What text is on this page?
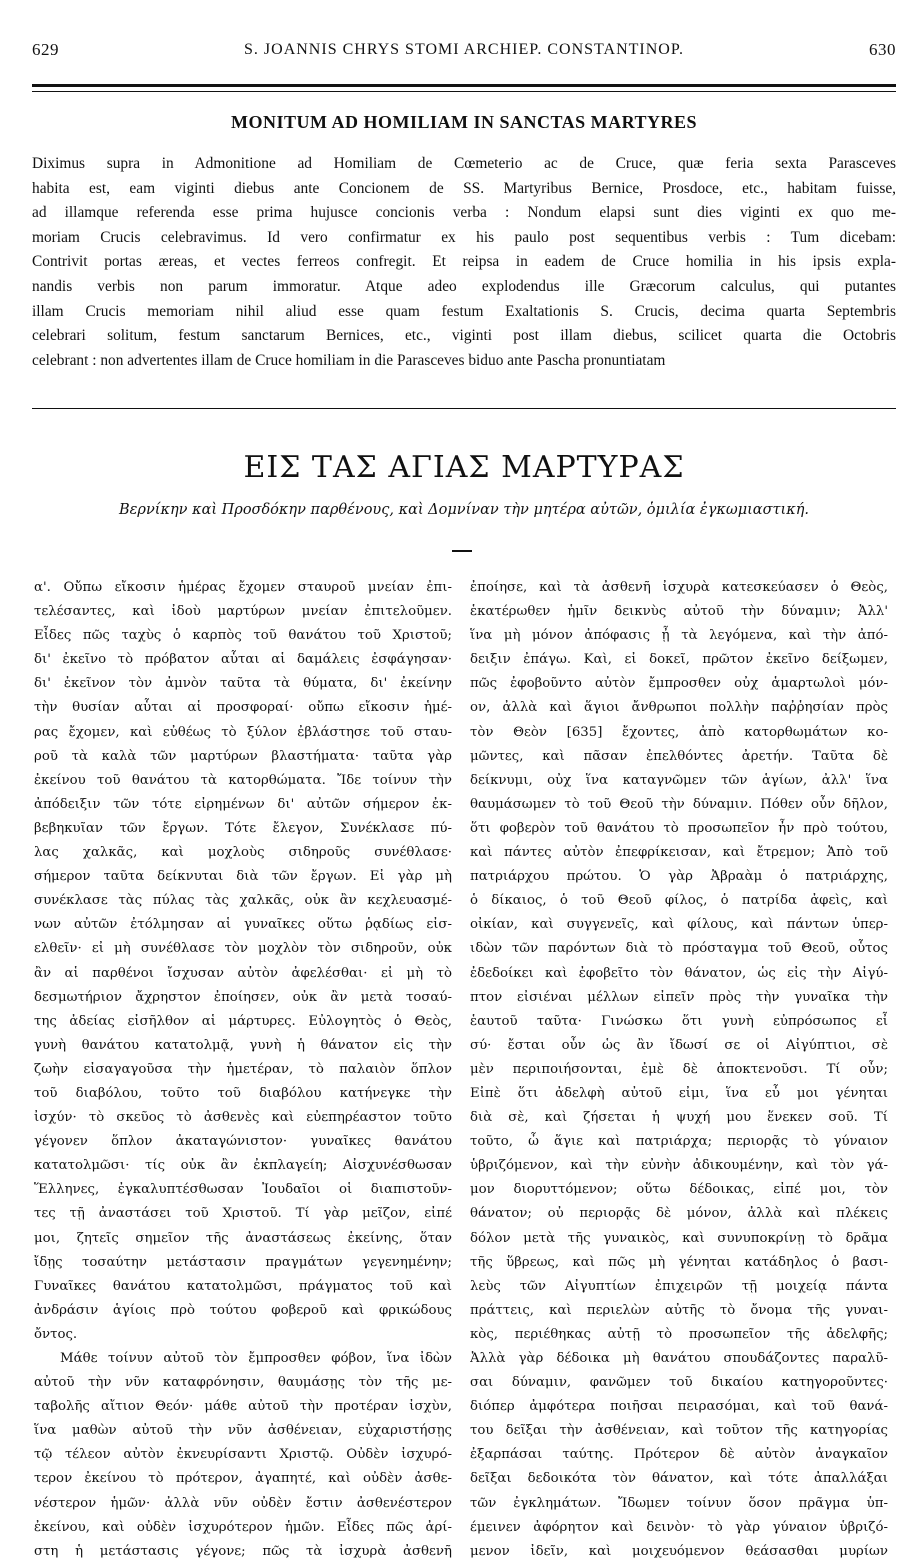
629	S. JOANNIS CHRYS STOMI ARCHIEP. CONSTANTINOP.	630
MONITUM AD HOMILIAM IN SANCTAS MARTYRES
Diximus supra in Admonitione ad Homiliam de Cœmeterio ac de Cruce, quæ feria sexta Parasceves
habita est, eam viginti diebus ante Concionem de SS. Martyribus Bernice, Prosdoce, etc., habitam fuisse,
ad illamque referenda esse prima hujusce concionis verba : Nondum elapsi sunt dies viginti ex quo me-
moriam Crucis celebravimus. Id vero confirmatur ex his paulo post sequentibus verbis : Tum dicebam:
Contrivit portas æreas, et vectes ferreos confregit. Et reipsa in eadem de Cruce homilia in his ipsis expla-
nandis verbis non parum immoratur. Atque adeo explodendus ille Græcorum calculus, qui putantes
illam Crucis memoriam nihil aliud esse quam festum Exaltationis S. Crucis, decima quarta Septembris
celebrari solitum, festum sanctarum Bernices, etc., viginti post illam diebus, scilicet quarta die Octobris
celebrant : non advertentes illam de Cruce homiliam in die Parasceves biduo ante Pascha pronuntiatam
ΕΙΣ ΤΑΣ ΑΓΙΑΣ ΜΑΡΤΥΡΑΣ
Βερνίκην καὶ Προσδόκην παρθένους, καὶ Δομνίναν τὴν μητέρα αὐτῶν, ὁμιλία ἐγκωμιαστική.
α'. Οὔπω εἴκοσιν ἡμέρας ἔχομεν σταυροῦ μνείαν ἐπι-
τελέσαντες, καὶ ἰδοὺ μαρτύρων μνείαν ἐπιτελοῦμεν.
Εἶδες πῶς ταχὺς ὁ καρπὸς τοῦ θανάτου τοῦ Χριστοῦ;
δι' ἐκεῖνο τὸ πρόβατον αὗται αἱ δαμάλεις ἐσφάγησαν·
δι' ἐκεῖνον τὸν ἀμνὸν ταῦτα τὰ θύματα, δι' ἐκείνην
τὴν θυσίαν αὗται αἱ προσφοραί· οὔπω εἴκοσιν ἡμέ-
ρας ἔχομεν, καὶ εὐθέως τὸ ξύλον ἐβλάστησε τοῦ σταυ-
ροῦ τὰ καλὰ τῶν μαρτύρων βλαστήματα· ταῦτα γὰρ
ἐκείνου τοῦ θανάτου τὰ κατορθώματα. Ἴδε τοίνυν τὴν
ἀπόδειξιν τῶν τότε εἰρημένων δι' αὐτῶν σήμερον ἐκ-
βεβηκυῖαν τῶν ἔργων. Τότε ἔλεγον, Συνέκλασε πύ-
λας χαλκᾶς, καὶ μοχλοὺς σιδηροῦς συνέθλασε·
σήμερον ταῦτα δείκνυται διὰ τῶν ἔργων. Εἰ γὰρ μὴ
συνέκλασε τὰς πύλας τὰς χαλκᾶς, οὐκ ἂν κεχλευασμέ-
νων αὐτῶν ἐτόλμησαν αἱ γυναῖκες οὕτω ῥᾳδίως εἰσ-
ελθεῖν· εἰ μὴ συνέθλασε τὸν μοχλὸν τὸν σιδηροῦν, οὐκ
ἂν αἱ παρθένοι ἴσχυσαν αὐτὸν ἀφελέσθαι· εἰ μὴ τὸ
δεσμωτήριον ἄχρηστον ἐποίησεν, οὐκ ἂν μετὰ τοσαύ-
της ἀδείας εἰσῆλθον αἱ μάρτυρες. Εὐλογητὸς ὁ Θεὸς,
γυνὴ θανάτου κατατολμᾷ, γυνὴ ἡ θάνατον εἰς τὴν
ζωὴν εἰσαγαγοῦσα τὴν ἡμετέραν, τὸ παλαιὸν ὅπλον
τοῦ διαβόλου, τοῦτο τοῦ διαβόλου κατήνεγκε τὴν
ἰσχύν· τὸ σκεῦος τὸ ἀσθενὲς καὶ εὐεπηρέαστον τοῦτο
γέγονεν ὅπλον ἀκαταγώνιστον· γυναῖκες θανάτου
κατατολμῶσι· τίς οὐκ ἂν ἐκπλαγείη; Αἰσχυνέσθωσαν
Ἕλληνες, ἐγκαλυπτέσθωσαν Ἰουδαῖοι οἱ διαπιστοῦν-
τες τῇ ἀναστάσει τοῦ Χριστοῦ. Τί γὰρ μεῖζον, εἰπέ
μοι, ζητεῖς σημεῖον τῆς ἀναστάσεως ἐκείνης, ὅταν
ἴδῃς τοσαύτην μετάστασιν πραγμάτων γεγενημένην;
Γυναῖκες θανάτου κατατολμῶσι, πράγματος τοῦ καὶ
ἀνδράσιν ἁγίοις πρὸ τούτου φοβεροῦ καὶ φρικώδους
ὄντος.
Μάθε τοίνυν αὐτοῦ τὸν ἔμπροσθεν φόβον, ἵνα ἰδὼν
αὐτοῦ τὴν νῦν καταφρόνησιν, θαυμάσῃς τὸν τῆς με-
ταβολῆς αἴτιον Θεόν· μάθε αὐτοῦ τὴν προτέραν ἰσχὺν,
ἵνα μαθὼν αὐτοῦ τὴν νῦν ἀσθένειαν, εὐχαριστήσῃς
τῷ τέλεον αὐτὸν ἐκνευρίσαντι Χριστῷ. Οὐδὲν ἰσχυρό-
τερον ἐκείνου τὸ πρότερον, ἀγαπητέ, καὶ οὐδὲν ἀσθε-
νέστερον ἡμῶν· ἀλλὰ νῦν οὐδὲν ἔστιν ἀσθενέστερον
ἐκείνου, καὶ οὐδὲν ἰσχυρότερον ἡμῶν. Εἶδες πῶς ἀρί-
στη ἡ μετάστασις γέγονε; πῶς τὰ ἰσχυρὰ ἀσθενῆ
ἐποίησε, καὶ τὰ ἀσθενῆ ἰσχυρὰ κατεσκεύασεν ὁ Θεὸς,
ἑκατέρωθεν ἡμῖν δεικνὺς αὐτοῦ τὴν δύναμιν; Ἀλλ'
ἵνα μὴ μόνον ἀπόφασις ᾖ τὰ λεγόμενα, καὶ τὴν ἀπό-
δειξιν ἐπάγω. Καὶ, εἰ δοκεῖ, πρῶτον ἐκεῖνο δείξωμεν,
πῶς ἐφοβοῦντο αὐτὸν ἔμπροσθεν οὐχ ἁμαρτωλοὶ μόν-
ον, ἀλλὰ καὶ ἅγιοι ἄνθρωποι πολλὴν παῤῥησίαν πρὸς
τὸν Θεὸν [635] ἔχοντες, ἀπὸ κατορθωμάτων κο-
μῶντες, καὶ πᾶσαν ἐπελθόντες ἀρετήν. Ταῦτα δὲ
δείκνυμι, οὐχ ἵνα καταγνῶμεν τῶν ἁγίων, ἀλλ' ἵνα
θαυμάσωμεν τὸ τοῦ Θεοῦ τὴν δύναμιν. Πόθεν οὖν δῆλον,
ὅτι φοβερὸν τοῦ θανάτου τὸ προσωπεῖον ἦν πρὸ τούτου,
καὶ πάντες αὐτὸν ἐπεφρίκεισαν, καὶ ἔτρεμον; Ἀπὸ τοῦ
πατριάρχου πρώτου. Ὁ γὰρ Ἀβραὰμ ὁ πατριάρχης,
ὁ δίκαιος, ὁ τοῦ Θεοῦ φίλος, ὁ πατρίδα ἀφεὶς, καὶ
οἰκίαν, καὶ συγγενεῖς, καὶ φίλους, καὶ πάντων ὑπερ-
ιδὼν τῶν παρόντων διὰ τὸ πρόσταγμα τοῦ Θεοῦ, οὗτος
ἐδεδοίκει καὶ ἐφοβεῖτο τὸν θάνατον, ὡς εἰς τὴν Αἰγύ-
πτον εἰσιέναι μέλλων εἰπεῖν πρὸς τὴν γυναῖκα τὴν
ἑαυτοῦ ταῦτα· Γινώσκω ὅτι γυνὴ εὐπρόσωπος εἶ
σύ· ἔσται οὖν ὡς ἂν ἴδωσί σε οἱ Αἰγύπτιοι, σὲ
μὲν περιποιήσονται, ἐμὲ δὲ ἀποκτενοῦσι. Τί οὖν;
Εἰπὲ ὅτι ἀδελφὴ αὐτοῦ εἰμι, ἵνα εὖ μοι γένηται
διὰ σὲ, καὶ ζήσεται ἡ ψυχή μου ἕνεκεν σοῦ. Τί
τοῦτο, ὦ ἅγιε καὶ πατριάρχα; περιορᾷς τὸ γύναιον
ὑβριζόμενον, καὶ τὴν εὐνὴν ἀδικουμένην, καὶ τὸν γά-
μον διορυττόμενον; οὕτω δέδοικας, εἰπέ μοι, τὸν
θάνατον; οὐ περιορᾷς δὲ μόνον, ἀλλὰ καὶ πλέκεις
δόλον μετὰ τῆς γυναικὸς, καὶ συνυποκρίνῃ τὸ δρᾶμα
τῆς ὕβρεως, καὶ πῶς μὴ γένηται κατάδηλος ὁ βασι-
λεὺς τῶν Αἰγυπτίων ἐπιχειρῶν τῇ μοιχείᾳ πάντα
πράττεις, καὶ περιελὼν αὐτῆς τὸ ὄνομα τῆς γυναι-
κὸς, περιέθηκας αὐτῇ τὸ προσωπεῖον τῆς ἀδελφῆς;
Ἀλλὰ γὰρ δέδοικα μὴ θανάτου σπουδάζοντες παραλῦ-
σαι δύναμιν, φανῶμεν τοῦ δικαίου κατηγοροῦντες·
διόπερ ἀμφότερα ποιῆσαι πειρασόμαι, καὶ τοῦ θανά-
του δεῖξαι τὴν ἀσθένειαν, καὶ τοῦτον τῆς κατηγορίας
ἐξαρπάσαι ταύτης. Πρότερον δὲ αὐτὸν ἀναγκαῖον
δεῖξαι δεδοικότα τὸν θάνατον, καὶ τότε ἀπαλλάξαι
τῶν ἐγκλημάτων. Ἴδωμεν τοίνυν ὅσον πρᾶγμα ὑπ-
έμεινεν ἀφόρητον καὶ δεινὸν· τὸ γὰρ γύναιον ὑβριζό-
μενον ἰδεῖν, καὶ μοιχευόμενον θεάσασθαι μυρίων
